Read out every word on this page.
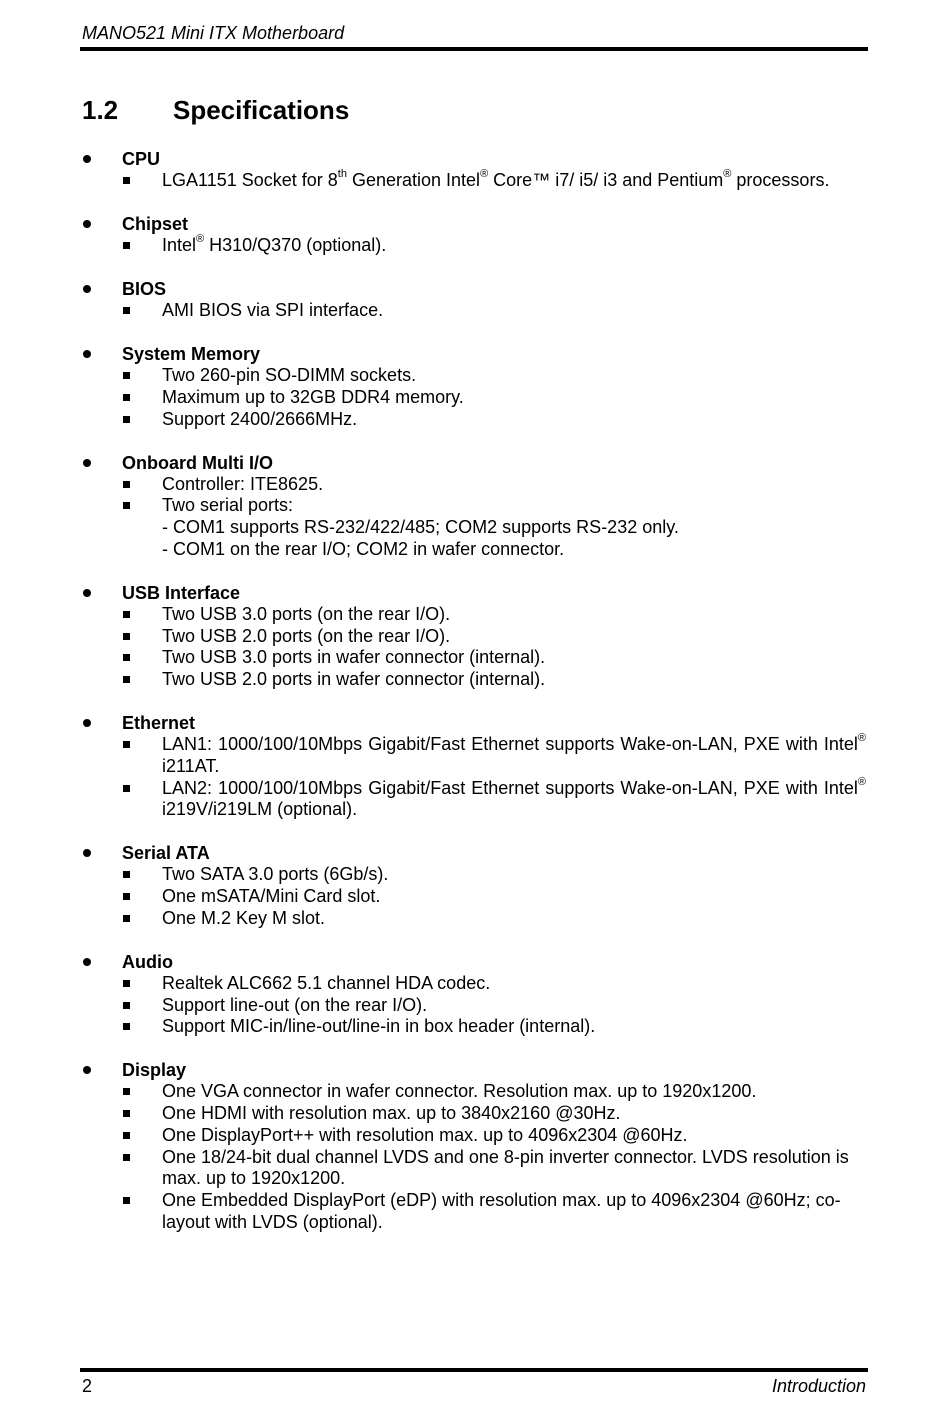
MANO521 Mini ITX Motherboard
1.2 Specifications
CPU
LGA1151 Socket for 8th Generation Intel® Core™ i7/ i5/ i3 and Pentium® processors.
Chipset
Intel® H310/Q370 (optional).
BIOS
AMI BIOS via SPI interface.
System Memory
Two 260-pin SO-DIMM sockets.
Maximum up to 32GB DDR4 memory.
Support 2400/2666MHz.
Onboard Multi I/O
Controller: ITE8625.
Two serial ports:
- COM1 supports RS-232/422/485; COM2 supports RS-232 only.
- COM1 on the rear I/O; COM2 in wafer connector.
USB Interface
Two USB 3.0 ports (on the rear I/O).
Two USB 2.0 ports (on the rear I/O).
Two USB 3.0 ports in wafer connector (internal).
Two USB 2.0 ports in wafer connector (internal).
Ethernet
LAN1: 1000/100/10Mbps Gigabit/Fast Ethernet supports Wake-on-LAN, PXE with Intel® i211AT.
LAN2: 1000/100/10Mbps Gigabit/Fast Ethernet supports Wake-on-LAN, PXE with Intel® i219V/i219LM (optional).
Serial ATA
Two SATA 3.0 ports (6Gb/s).
One mSATA/Mini Card slot.
One M.2 Key M slot.
Audio
Realtek ALC662 5.1 channel HDA codec.
Support line-out (on the rear I/O).
Support MIC-in/line-out/line-in in box header (internal).
Display
One VGA connector in wafer connector. Resolution max. up to 1920x1200.
One HDMI with resolution max. up to 3840x2160 @30Hz.
One DisplayPort++ with resolution max. up to 4096x2304 @60Hz.
One 18/24-bit dual channel LVDS and one 8-pin inverter connector. LVDS resolution is max. up to 1920x1200.
One Embedded DisplayPort (eDP) with resolution max. up to 4096x2304 @60Hz; co-layout with LVDS (optional).
2	Introduction
